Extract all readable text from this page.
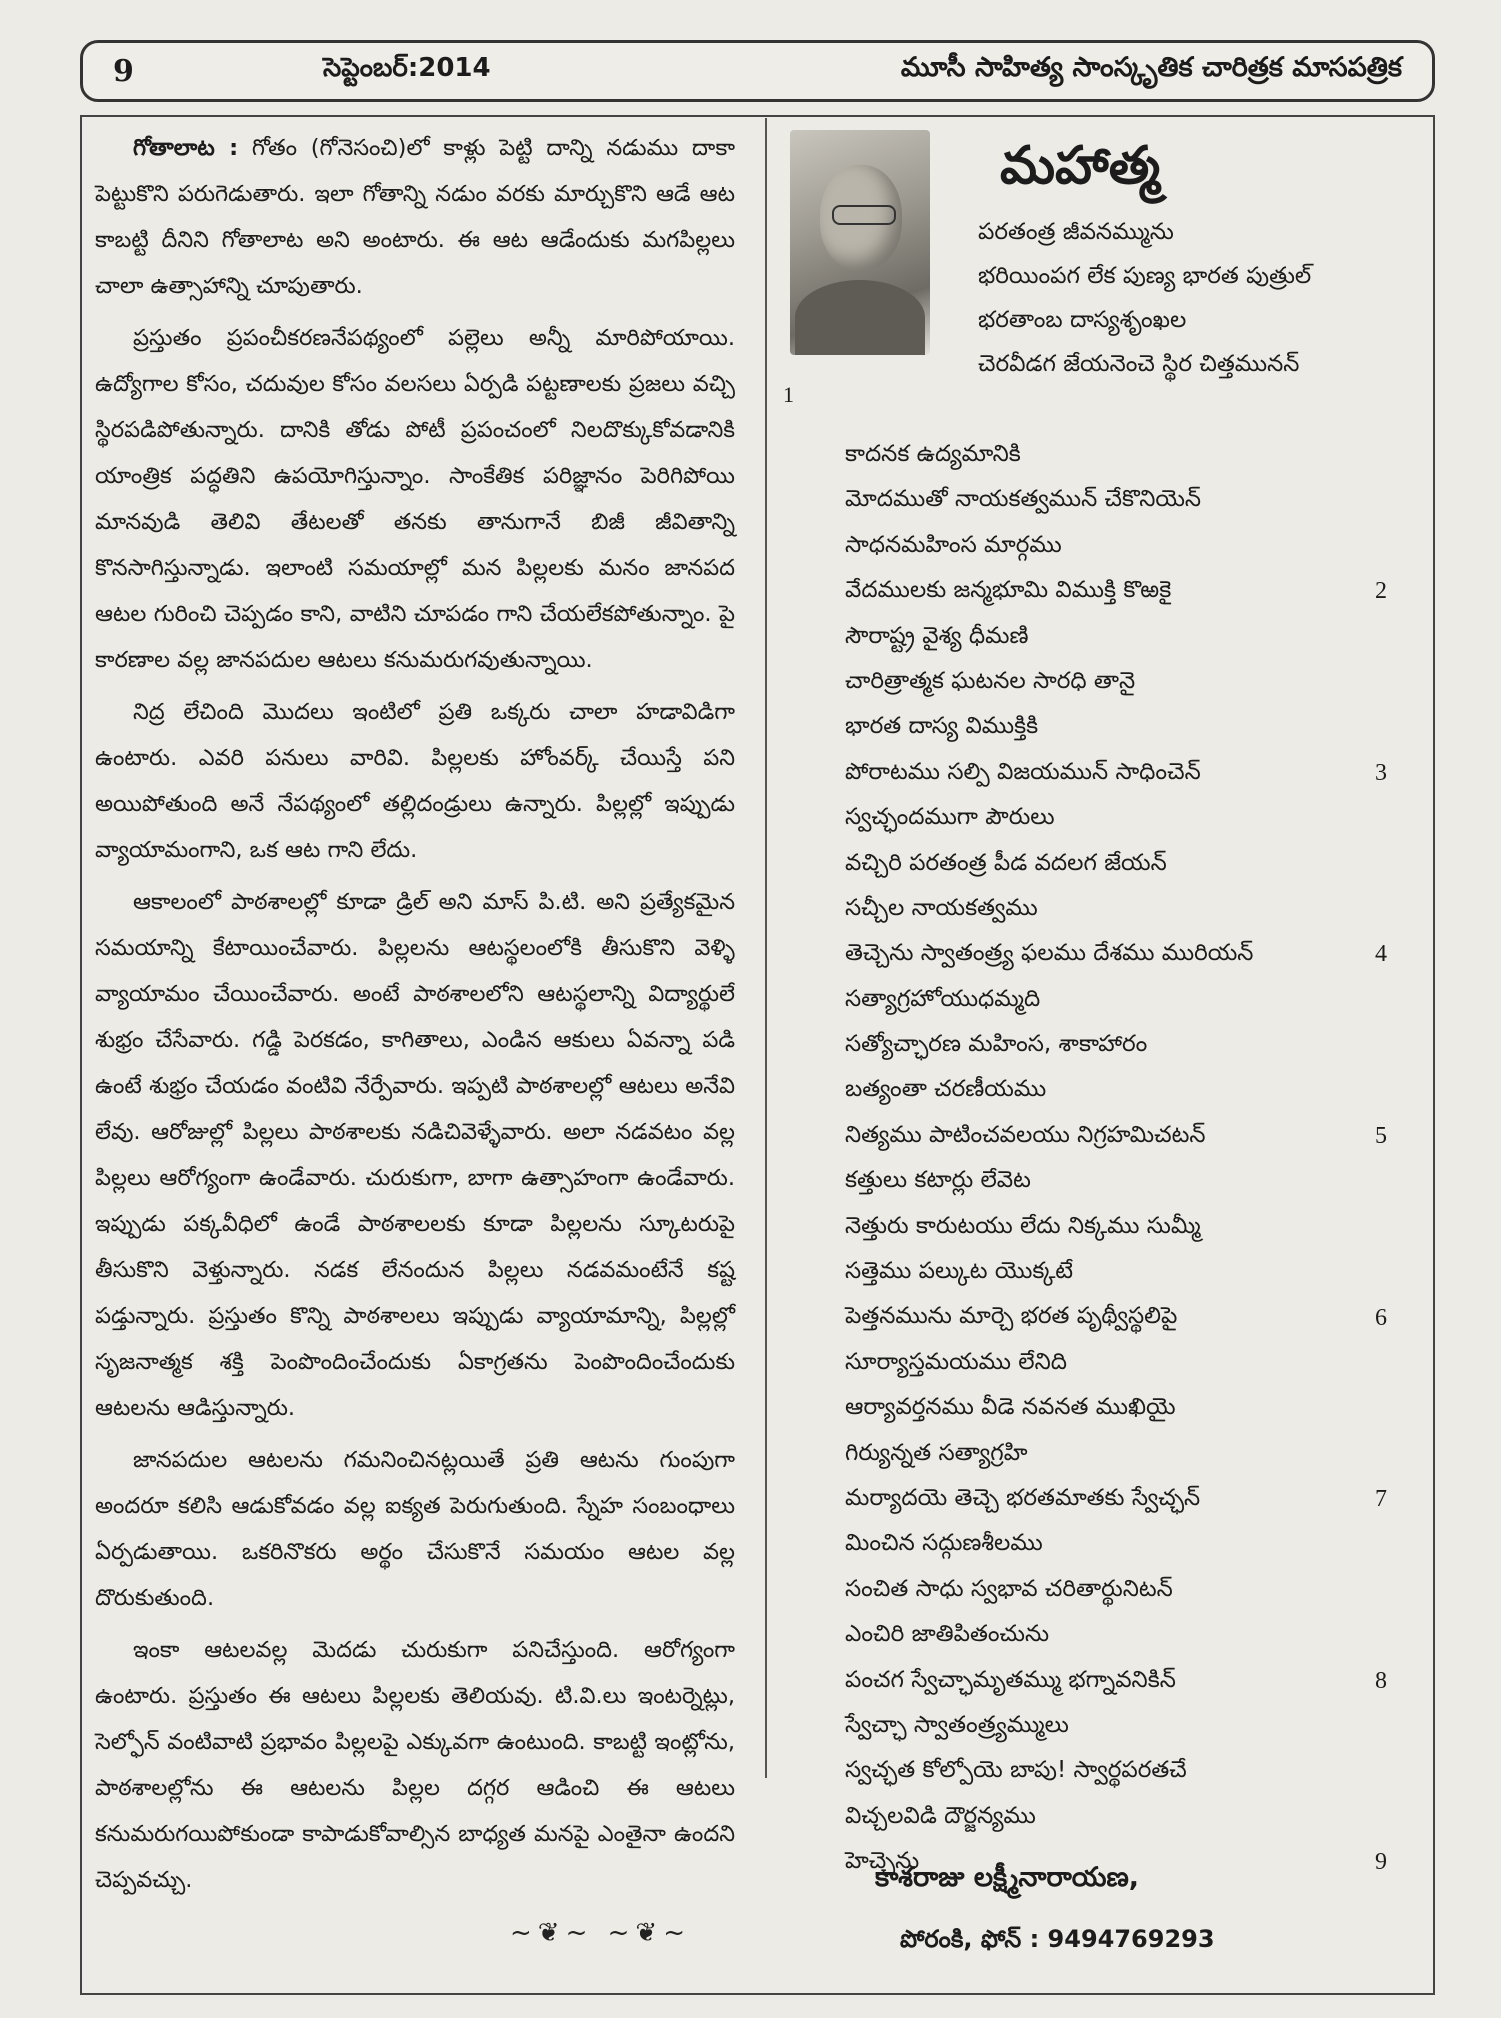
9	సెప్టెంబర్:2014	మూసీ సాహిత్య సాంస్కృతిక చారిత్రక మాసపత్రిక

గోతాలాట : గోతం (గోనెసంచి)లో కాళ్లు పెట్టి దాన్ని నడుము దాకా పెట్టుకొని పరుగెడుతారు. ఇలా గోతాన్ని నడుం వరకు మార్చుకొని ఆడే ఆట కాబట్టి దీనిని గోతాలాట అని అంటారు. ఈ ఆట ఆడేందుకు మగపిల్లలు చాలా ఉత్సాహాన్ని చూపుతారు.

ప్రస్తుతం ప్రపంచీకరణనేపథ్యంలో పల్లెలు అన్నీ మారిపోయాయి. ఉద్యోగాల కోసం, చదువుల కోసం వలసలు ఏర్పడి పట్టణాలకు ప్రజలు వచ్చి స్థిరపడిపోతున్నారు. దానికి తోడు పోటీ ప్రపంచంలో నిలదొక్కుకోవడానికి యాంత్రిక పద్ధతిని ఉపయోగిస్తున్నాం. సాంకేతిక పరిజ్ఞానం పెరిగిపోయి మానవుడి తెలివి తేటలతో తనకు తానుగానే బిజీ జీవితాన్ని కొనసాగిస్తున్నాడు. ఇలాంటి సమయాల్లో మన పిల్లలకు మనం జానపద ఆటల గురించి చెప్పడం కాని, వాటిని చూపడం గాని చేయలేకపోతున్నాం. పై కారణాల వల్ల జానపదుల ఆటలు కనుమరుగవుతున్నాయి.

నిద్ర లేచింది మొదలు ఇంటిలో ప్రతి ఒక్కరు చాలా హడావిడిగా ఉంటారు. ఎవరి పనులు వారివి. పిల్లలకు హోంవర్క్ చేయిస్తే పని అయిపోతుంది అనే నేపథ్యంలో తల్లిదండ్రులు ఉన్నారు. పిల్లల్లో ఇప్పుడు వ్యాయామంగాని, ఒక ఆట గాని లేదు.

ఆకాలంలో పాఠశాలల్లో కూడా డ్రిల్ అని మాస్ పి.టి. అని ప్రత్యేకమైన సమయాన్ని కేటాయించేవారు. పిల్లలను ఆటస్థలంలోకి తీసుకొని వెళ్ళి వ్యాయామం చేయించేవారు. అంటే పాఠశాలలోని ఆటస్థలాన్ని విద్యార్థులే శుభ్రం చేసేవారు. గడ్డి పెరకడం, కాగితాలు, ఎండిన ఆకులు ఏవన్నా పడి ఉంటే శుభ్రం చేయడం వంటివి నేర్పేవారు. ఇప్పటి పాఠశాలల్లో ఆటలు అనేవి లేవు. ఆరోజుల్లో పిల్లలు పాఠశాలకు నడిచివెళ్ళేవారు. అలా నడవటం వల్ల పిల్లలు ఆరోగ్యంగా ఉండేవారు. చురుకుగా, బాగా ఉత్సాహంగా ఉండేవారు. ఇప్పుడు పక్కవీధిలో ఉండే పాఠశాలలకు కూడా పిల్లలను స్కూటరుపై తీసుకొని వెళ్తున్నారు. నడక లేనందున పిల్లలు నడవమంటేనే కష్ట పడ్తున్నారు. ప్రస్తుతం కొన్ని పాఠశాలలు ఇప్పుడు వ్యాయామాన్ని, పిల్లల్లో సృజనాత్మక శక్తి పెంపొందించేందుకు ఏకాగ్రతను పెంపొందించేందుకు ఆటలను ఆడిస్తున్నారు.

జానపదుల ఆటలను గమనించినట్లయితే ప్రతి ఆటను గుంపుగా అందరూ కలిసి ఆడుకోవడం వల్ల ఐక్యత పెరుగుతుంది. స్నేహ సంబంధాలు ఏర్పడుతాయి. ఒకరినొకరు అర్థం చేసుకొనే సమయం ఆటల వల్ల దొరుకుతుంది.

ఇంకా ఆటలవల్ల మెదడు చురుకుగా పనిచేస్తుంది. ఆరోగ్యంగా ఉంటారు. ప్రస్తుతం ఈ ఆటలు పిల్లలకు తెలియవు. టి.వి.లు ఇంటర్నెట్లు, సెల్ఫోన్ వంటివాటి ప్రభావం పిల్లలపై ఎక్కువగా ఉంటుంది. కాబట్టి ఇంట్లోను, పాఠశాలల్లోను ఈ ఆటలను పిల్లల దగ్గర ఆడించి ఈ ఆటలు కనుమరుగయిపోకుండా కాపాడుకోవాల్సిన బాధ్యత మనపై ఎంతైనా ఉందని చెప్పవచ్చు.

~❦~ ~❦~
మహాత్మ
పరతంత్ర జీవనమ్మును
భరియింపగ లేక పుణ్య భారత పుత్రుల్
భరతాంబ దాస్యశృంఖల
చెరవీడగ జేయనెంచె స్థిర చిత్తమునన్
1
కాదనక ఉద్యమానికి
మోదముతో నాయకత్వమున్ చేకొనియెన్
సాధనమహింస మార్గము
వేదములకు జన్మభూమి విముక్తి కొఱకై	2
సౌరాష్ట్ర వైశ్య ధీమణి
చారిత్రాత్మక ఘటనల సారధి తానై
భారత దాస్య విముక్తికి
పోరాటము సల్పి విజయమున్ సాధించెన్	3
స్వచ్ఛందముగా పౌరులు
వచ్చిరి పరతంత్ర పీడ వదలగ జేయన్
సచ్చీల నాయకత్వము
తెచ్చెను స్వాతంత్ర్య ఫలము దేశము మురియన్	4
సత్యాగ్రహోయుధమ్మది
సత్యోచ్ఛారణ మహింస, శాకాహారం
బత్యంతా చరణీయము
నిత్యము పాటించవలయు నిగ్రహమిచటన్	5
కత్తులు కటార్లు లేవెట
నెత్తురు కారుటయు లేదు నిక్కము సుమ్మీ
సత్తెము పల్కుట యొక్కటే
పెత్తనమును మార్చె భరత పృథ్వీస్థలిపై	6
సూర్యాస్తమయము లేనిది
ఆర్యావర్తనము వీడె నవనత ముఖియై
గిర్యున్నత సత్యాగ్రహి
మర్యాదయె తెచ్చె భరతమాతకు స్వేచ్ఛన్	7
మించిన సద్గుణశీలము
సంచిత సాధు స్వభావ చరితార్థునిటన్
ఎంచిరి జాతిపితంచును
పంచగ స్వేచ్ఛామృతమ్ము భగ్నావనికిన్	8
స్వేచ్ఛా స్వాతంత్ర్యమ్ములు
స్వచ్ఛత కోల్పోయె బాపు! స్వార్థపరతచే
విచ్చలవిడి దౌర్జన్యము
హెచ్చెను	9
కాశరాజు లక్ష్మీనారాయణ,
పోరంకి, ఫోన్ : 9494769293
